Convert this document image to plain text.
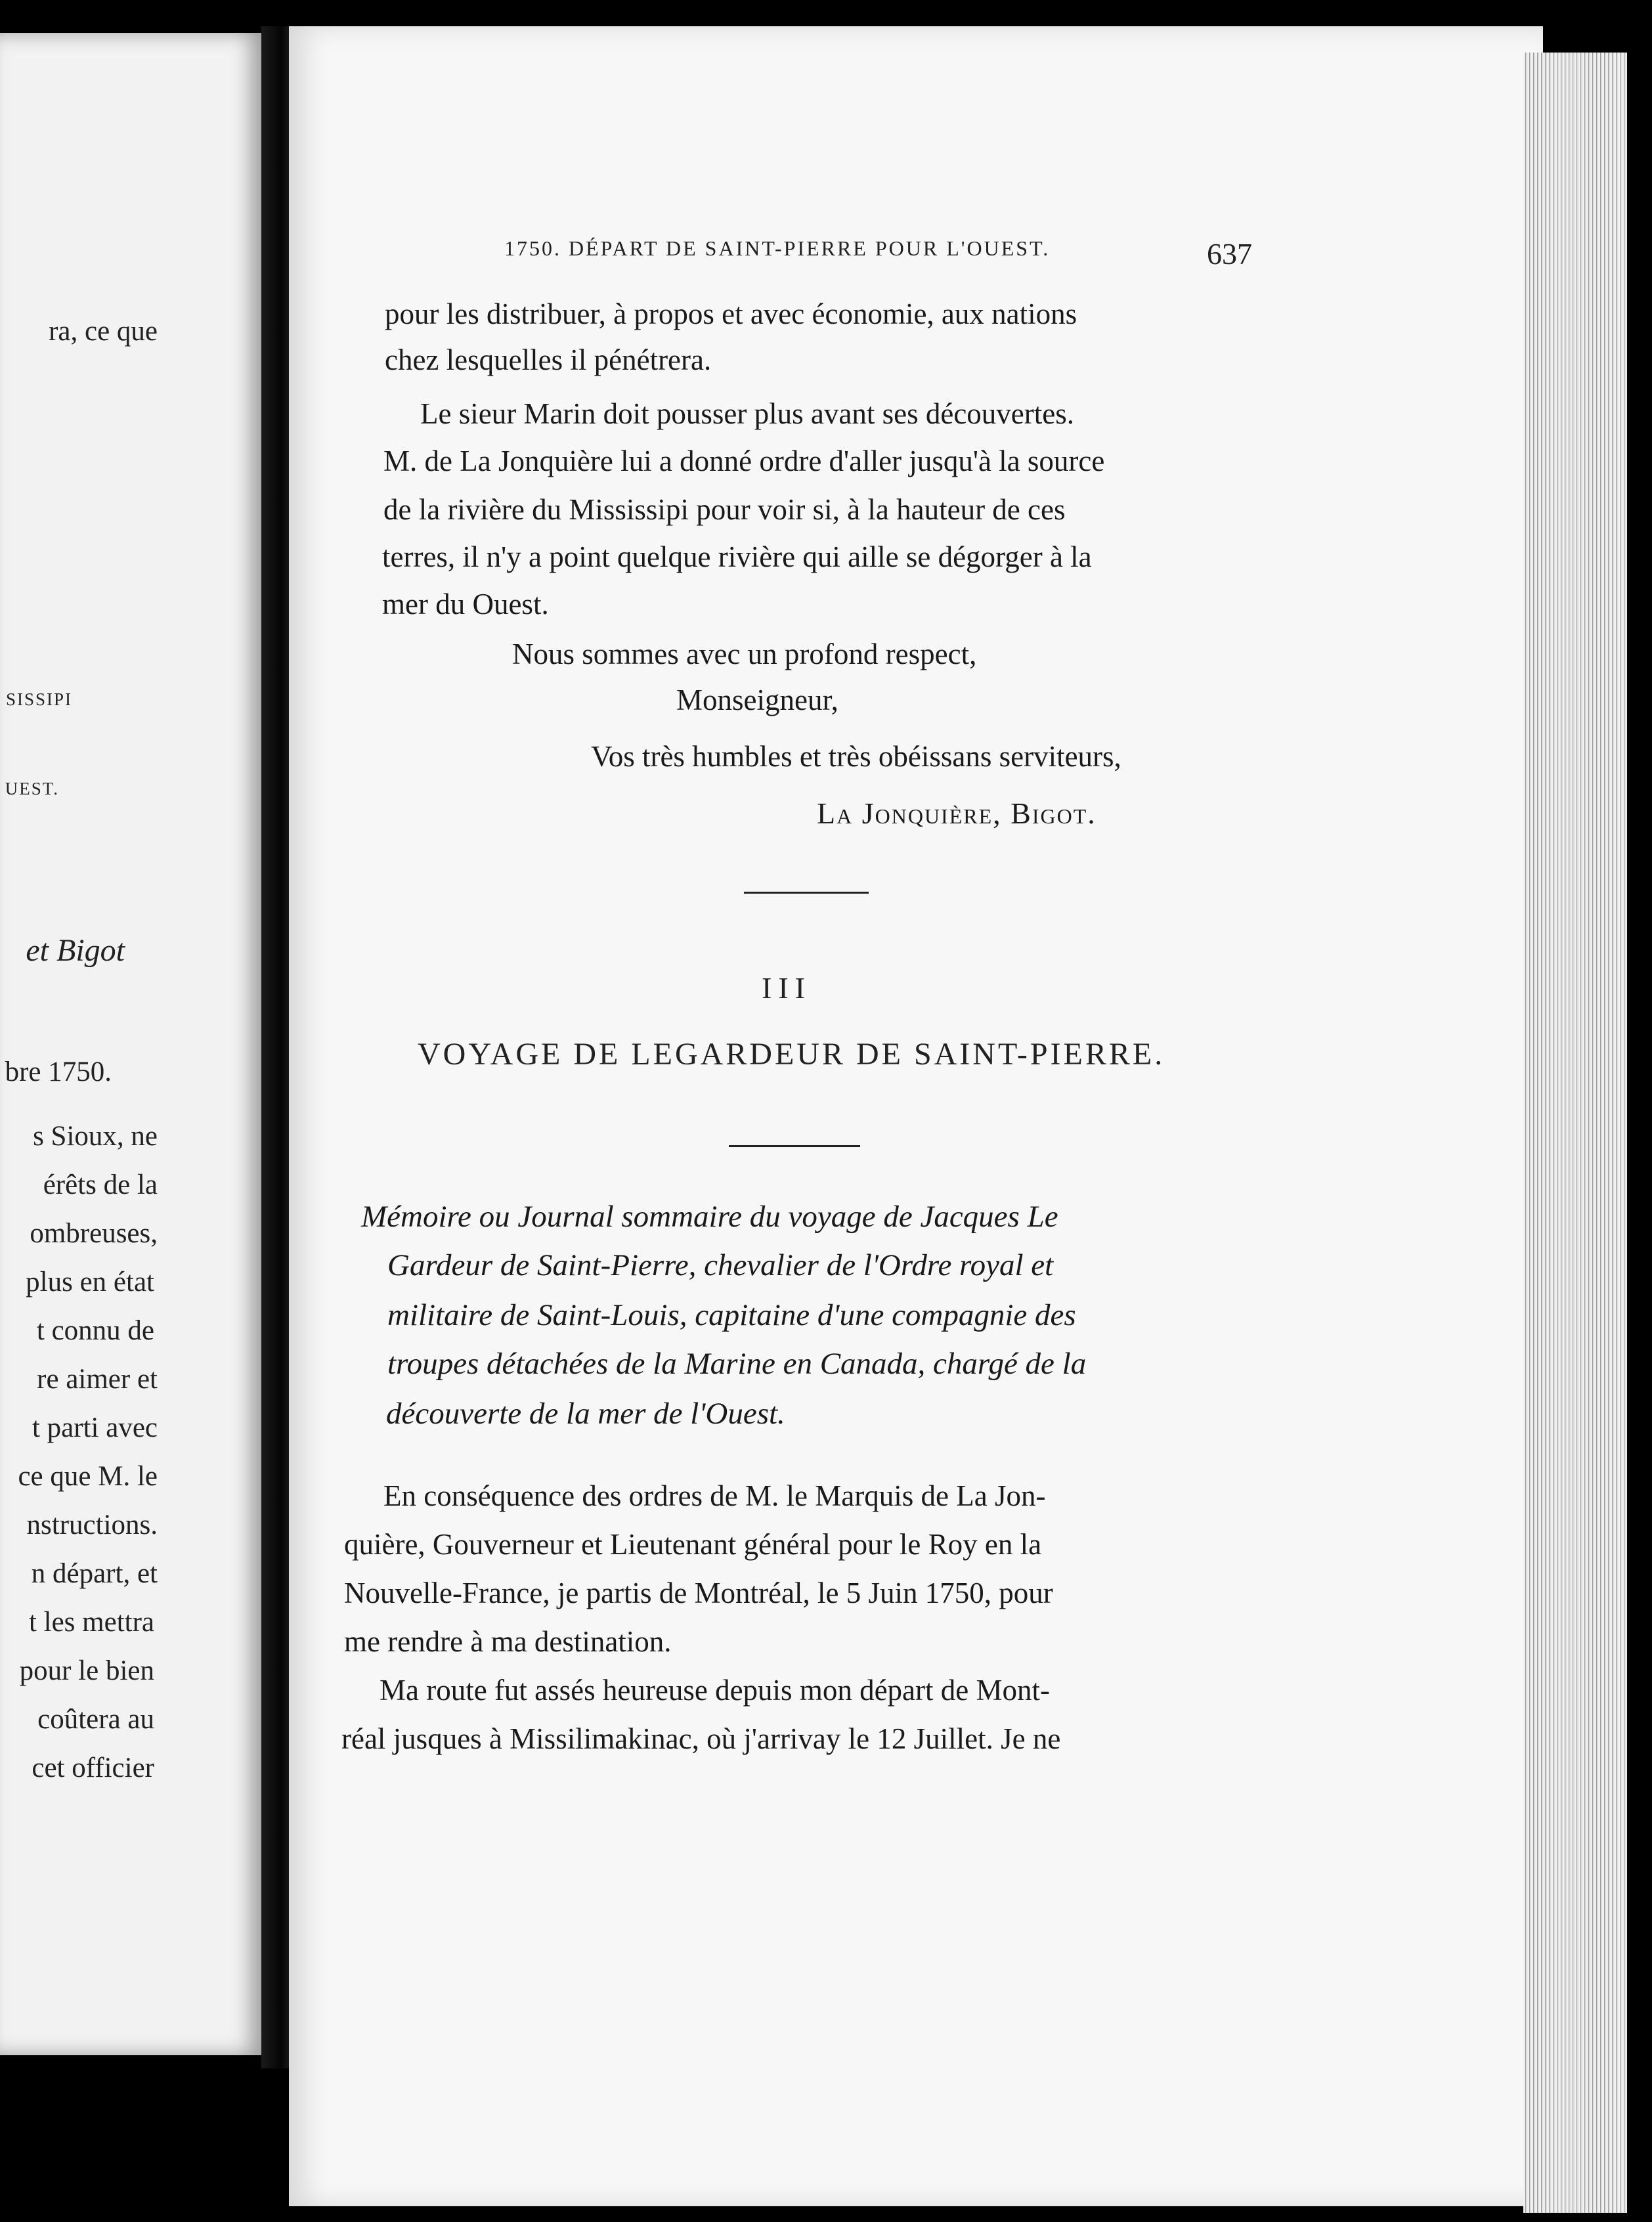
ra, ce que
SISSIPI
UEST.
et Bigot
bre 1750.
s Sioux, ne
érêts de la
ombreuses,
plus en état
t connu de
re aimer et
t parti avec
ce que M. le
nstructions.
n départ, et
t les mettra
pour le bien
coûtera au
cet officier
1750. DÉPART DE SAINT-PIERRE POUR L'OUEST.	637
pour les distribuer, à propos et avec économie, aux nations
chez lesquelles il pénétrera.
Le sieur Marin doit pousser plus avant ses découvertes.
M. de La Jonquière lui a donné ordre d'aller jusqu'à la source
de la rivière du Mississipi pour voir si, à la hauteur de ces
terres, il n'y a point quelque rivière qui aille se dégorger à la
mer du Ouest.
Nous sommes avec un profond respect,
Monseigneur,
Vos très humbles et très obéissans serviteurs,
La Jonquière, Bigot.
III
VOYAGE DE LEGARDEUR DE SAINT-PIERRE.
Mémoire ou Journal sommaire du voyage de Jacques Le
Gardeur de Saint-Pierre, chevalier de l'Ordre royal et
militaire de Saint-Louis, capitaine d'une compagnie des
troupes détachées de la Marine en Canada, chargé de la
découverte de la mer de l'Ouest.
En conséquence des ordres de M. le Marquis de La Jon-
quière, Gouverneur et Lieutenant général pour le Roy en la
Nouvelle-France, je partis de Montréal, le 5 Juin 1750, pour
me rendre à ma destination.
Ma route fut assés heureuse depuis mon départ de Mont-
réal jusques à Missilimakinac, où j'arrivay le 12 Juillet. Je ne
